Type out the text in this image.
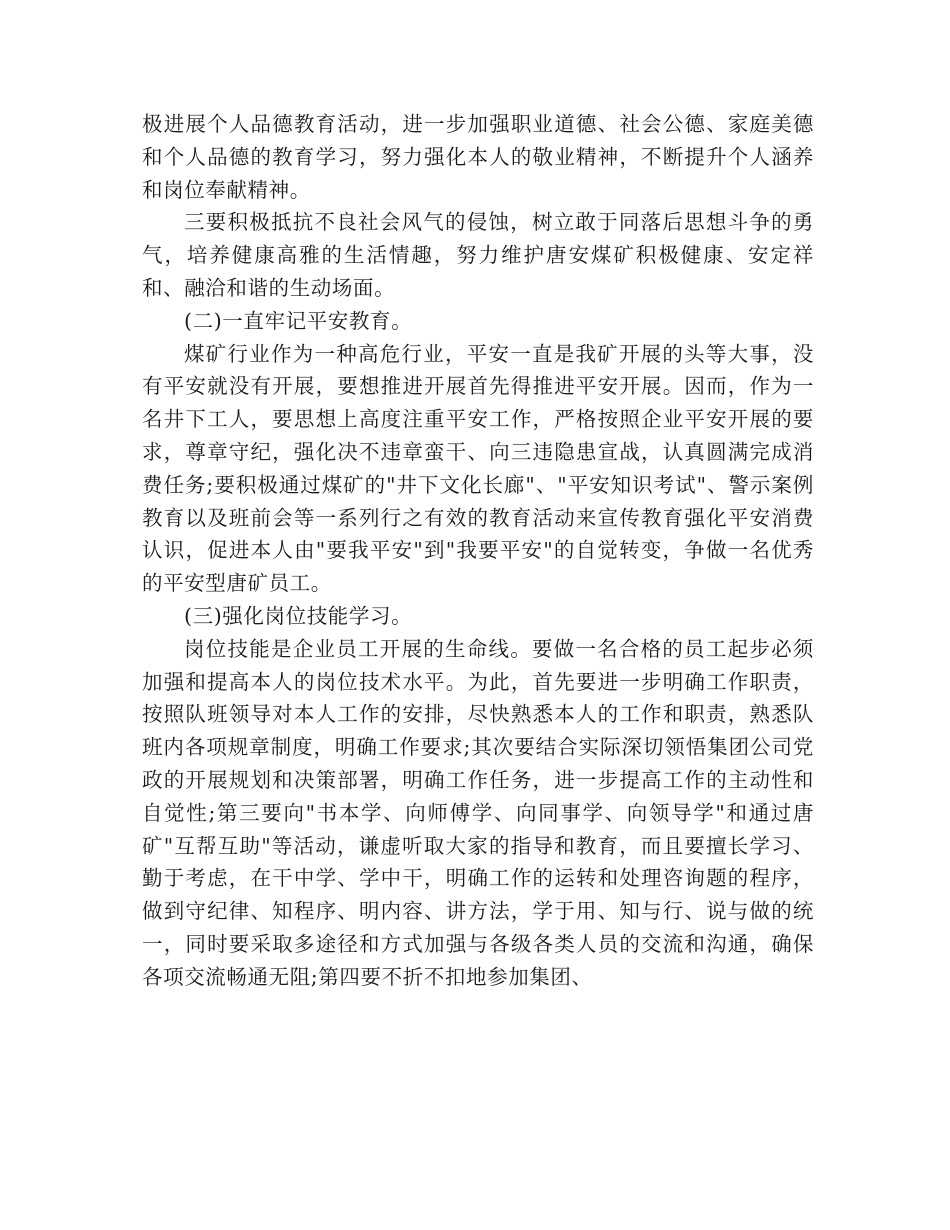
极进展个人品德教育活动，进一步加强职业道德、社会公德、家庭美德和个人品德的教育学习，努力强化本人的敬业精神，不断提升个人涵养和岗位奉献精神。

三要积极抵抗不良社会风气的侵蚀，树立敢于同落后思想斗争的勇气，培养健康高雅的生活情趣，努力维护唐安煤矿积极健康、安定祥和、融洽和谐的生动场面。

(二)一直牢记平安教育。

煤矿行业作为一种高危行业，平安一直是我矿开展的头等大事，没有平安就没有开展，要想推进开展首先得推进平安开展。因而，作为一名井下工人，要思想上高度注重平安工作，严格按照企业平安开展的要求，尊章守纪，强化决不违章蛮干、向三违隐患宣战，认真圆满完成消费任务;要积极通过煤矿的"井下文化长廊"、"平安知识考试"、警示案例教育以及班前会等一系列行之有效的教育活动来宣传教育强化平安消费认识，促进本人由"要我平安"到"我要平安"的自觉转变，争做一名优秀的平安型唐矿员工。

(三)强化岗位技能学习。

岗位技能是企业员工开展的生命线。要做一名合格的员工起步必须加强和提高本人的岗位技术水平。为此，首先要进一步明确工作职责，按照队班领导对本人工作的安排，尽快熟悉本人的工作和职责，熟悉队班内各项规章制度，明确工作要求;其次要结合实际深切领悟集团公司党政的开展规划和决策部署，明确工作任务，进一步提高工作的主动性和自觉性;第三要向"书本学、向师傅学、向同事学、向领导学"和通过唐矿"互帮互助"等活动，谦虚听取大家的指导和教育，而且要擅长学习、勤于考虑，在干中学、学中干，明确工作的运转和处理咨询题的程序，做到守纪律、知程序、明内容、讲方法，学于用、知与行、说与做的统一，同时要采取多途径和方式加强与各级各类人员的交流和沟通，确保各项交流畅通无阻;第四要不折不扣地参加集团、
